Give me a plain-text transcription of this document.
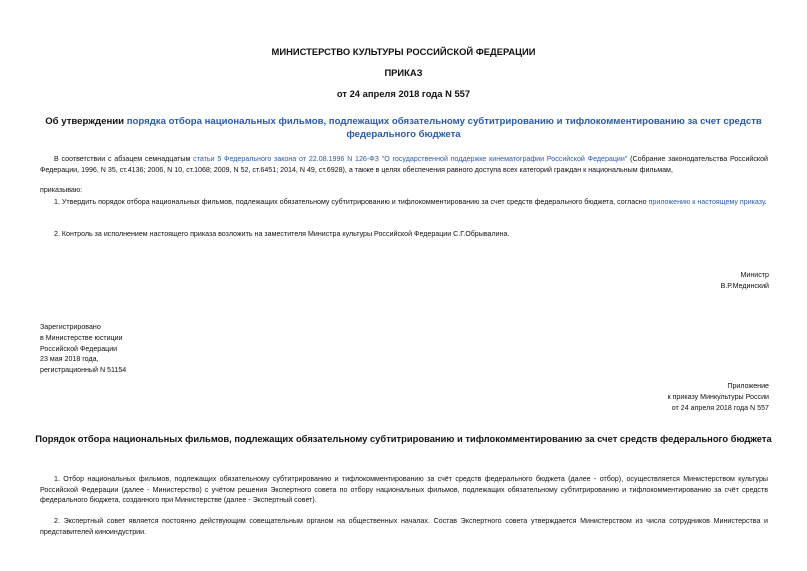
МИНИСТЕРСТВО КУЛЬТУРЫ РОССИЙСКОЙ ФЕДЕРАЦИИ
ПРИКАЗ
от 24 апреля 2018 года N 557
Об утверждении порядка отбора национальных фильмов, подлежащих обязательному субтитрированию и тифлокомментированию за счет средств федерального бюджета
В соответствии с абзацем семнадцатым статьи 5 Федерального закона от 22.08.1996 N 126-ФЗ "О государственной поддержке кинематографии Российской Федерации" (Собрание законодательства Российской Федерации, 1996, N 35, ст.4136; 2006, N 10, ст.1068; 2009, N 52, ст.6451; 2014, N 49, ст.6928), а также в целях обеспечения равного доступа всех категорий граждан к национальным фильмам,
приказываю:
1. Утвердить порядок отбора национальных фильмов, подлежащих обязательному субтитрированию и тифлокомментированию за счет средств федерального бюджета, согласно приложению к настоящему приказу.
2. Контроль за исполнением настоящего приказа возложить на заместителя Министра культуры Российской Федерации С.Г.Обрывалина.
Министр
В.Р.Мединский
Зарегистрировано
в Министерстве юстиции
Российской Федерации
23 мая 2018 года,
регистрационный N 51154
Приложение
к приказу Минкультуры России
от 24 апреля 2018 года N 557
Порядок отбора национальных фильмов, подлежащих обязательному субтитрированию и тифлокомментированию за счет средств федерального бюджета
1. Отбор национальных фильмов, подлежащих обязательному субтитрированию и тифлокомментированию за счёт средств федерального бюджета (далее - отбор), осуществляется Министерством культуры Российской Федерации (далее - Министерство) с учётом решения Экспертного совета по отбору национальных фильмов, подлежащих обязательному субтитрированию и тифлокомментированию за счёт средств федерального бюджета, созданного при Министерстве (далее - Экспертный совет).
2. Экспертный совет является постоянно действующим совещательным органом на общественных началах. Состав Экспертного совета утверждается Министерством из числа сотрудников Министерства и представителей киноиндустрии.
